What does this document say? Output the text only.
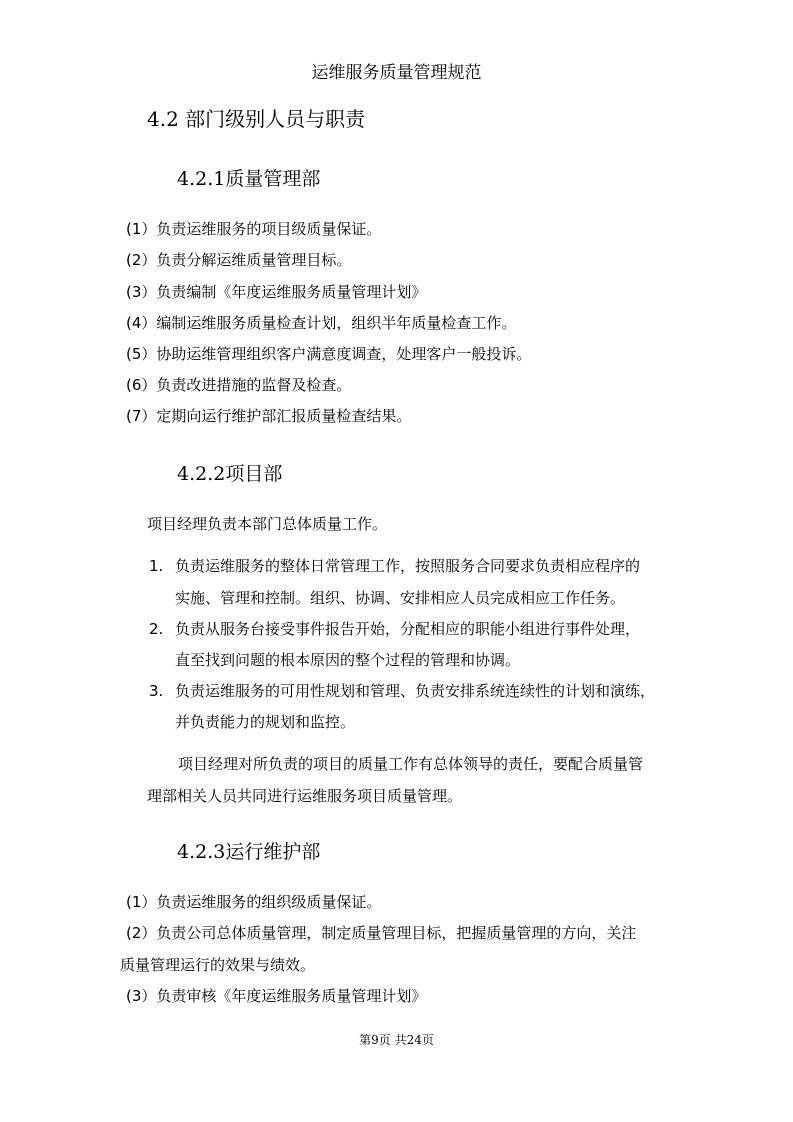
运维服务质量管理规范
4.2 部门级别人员与职责
4.2.1质量管理部
(1）负责运维服务的项目级质量保证。
(2）负责分解运维质量管理目标。
(3）负责编制《年度运维服务质量管理计划》
(4）编制运维服务质量检查计划，组织半年质量检查工作。
(5）协助运维管理组织客户满意度调查，处理客户一般投诉。
(6）负责改进措施的监督及检查。
(7）定期向运行维护部汇报质量检查结果。
4.2.2项目部
项目经理负责本部门总体质量工作。
1. 负责运维服务的整体日常管理工作，按照服务合同要求负责相应程序的
实施、管理和控制。组织、协调、安排相应人员完成相应工作任务。
2. 负责从服务台接受事件报告开始，分配相应的职能小组进行事件处理，
直至找到问题的根本原因的整个过程的管理和协调。
3. 负责运维服务的可用性规划和管理、负责安排系统连续性的计划和演练，
并负责能力的规划和监控。
项目经理对所负责的项目的质量工作有总体领导的责任，要配合质量管
理部相关人员共同进行运维服务项目质量管理。
4.2.3运行维护部
(1）负责运维服务的组织级质量保证。
(2）负责公司总体质量管理，制定质量管理目标，把握质量管理的方向，关注
质量管理运行的效果与绩效。
(3）负责审核《年度运维服务质量管理计划》
第9页 共24页
